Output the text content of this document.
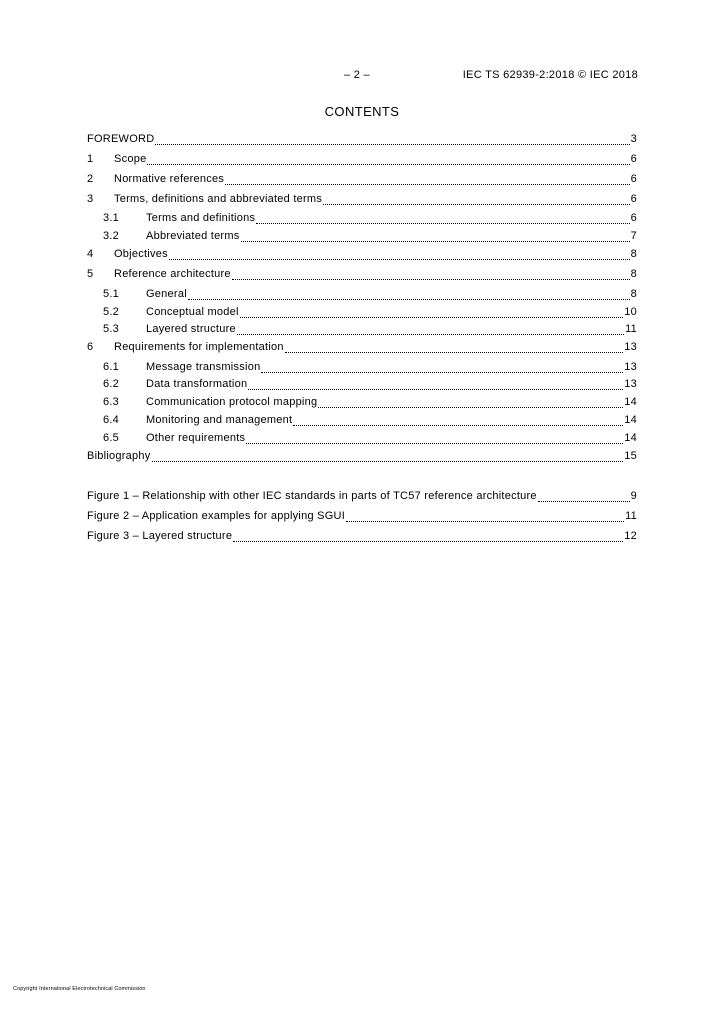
– 2 –	IEC TS 62939-2:2018 © IEC 2018
CONTENTS
FOREWORD	3
1	Scope	6
2	Normative references	6
3	Terms, definitions and abbreviated terms	6
3.1	Terms and definitions	6
3.2	Abbreviated terms	7
4	Objectives	8
5	Reference architecture	8
5.1	General	8
5.2	Conceptual model	10
5.3	Layered structure	11
6	Requirements for implementation	13
6.1	Message transmission	13
6.2	Data transformation	13
6.3	Communication protocol mapping	14
6.4	Monitoring and management	14
6.5	Other requirements	14
Bibliography	15
Figure 1 – Relationship with other IEC standards in parts of TC57 reference architecture	9
Figure 2 – Application examples for applying SGUI	11
Figure 3 – Layered structure	12
Copyright International Electrotechnical Commission
